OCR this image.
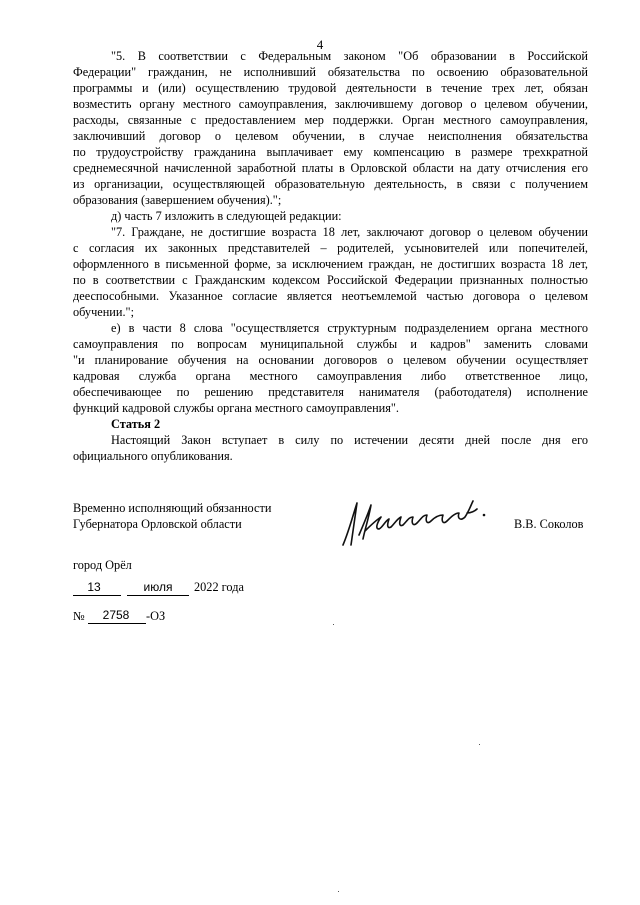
4
"5. В соответствии с Федеральным законом "Об образовании в Российской
Федерации" гражданин, не исполнивший обязательства по освоению образовательной
программы и (или) осуществлению трудовой деятельности в течение трех лет, обязан
возместить органу местного самоуправления, заключившему договор о целевом обучении,
расходы, связанные с предоставлением мер поддержки. Орган местного самоуправления,
заключивший договор о целевом обучении, в случае неисполнения обязательства
по трудоустройству гражданина выплачивает ему компенсацию в размере трехкратной
среднемесячной начисленной заработной платы в Орловской области на дату отчисления его
из организации, осуществляющей образовательную деятельность, в связи с получением
образования (завершением обучения).";
д) часть 7 изложить в следующей редакции:
"7. Граждане, не достигшие возраста 18 лет, заключают договор о целевом обучении
с согласия их законных представителей – родителей, усыновителей или попечителей,
оформленного в письменной форме, за исключением граждан, не достигших возраста 18 лет,
по в соответствии с Гражданским кодексом Российской Федерации признанных полностью
дееспособными. Указанное согласие является неотъемлемой частью договора о целевом
обучении.";
е) в части 8 слова "осуществляется структурным подразделением органа местного
самоуправления по вопросам муниципальной службы и кадров" заменить словами
"и планирование обучения на основании договоров о целевом обучении осуществляет
кадровая служба органа местного самоуправления либо ответственное лицо,
обеспечивающее по решению представителя нанимателя (работодателя) исполнение
функций кадровой службы органа местного самоуправления".
Статья 2
Настоящий Закон вступает в силу по истечении десяти дней после дня его
официального опубликования.
Временно исполняющий обязанности
Губернатора Орловской области	В.В. Соколов
город Орёл
13	июля	2022 года
№	2758	-ОЗ
